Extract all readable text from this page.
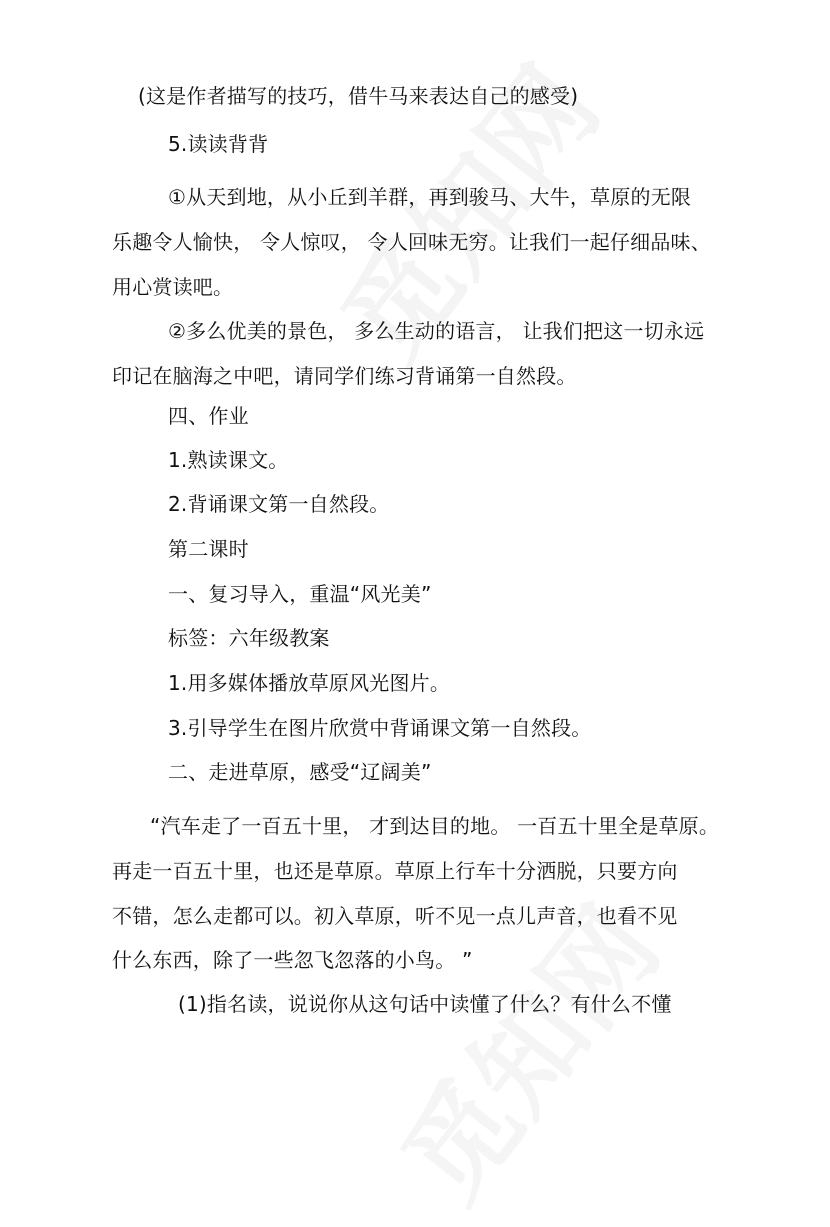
(这是作者描写的技巧，借牛马来表达自己的感受)
5.读读背背
①从天到地，从小丘到羊群，再到骏马、大牛，草原的无限
乐趣令人愉快， 令人惊叹， 令人回味无穷。让我们一起仔细品味、
用心赏读吧。
②多么优美的景色， 多么生动的语言， 让我们把这一切永远
印记在脑海之中吧，请同学们练习背诵第一自然段。
四、作业
1.熟读课文。
2.背诵课文第一自然段。
第二课时
一、复习导入，重温“风光美”
标签：六年级教案
1.用多媒体播放草原风光图片。
3.引导学生在图片欣赏中背诵课文第一自然段。
二、走进草原，感受“辽阔美”
“汽车走了一百五十里， 才到达目的地。 一百五十里全是草原。
再走一百五十里，也还是草原。草原上行车十分洒脱，只要方向
不错，怎么走都可以。初入草原，听不见一点儿声音，也看不见
什么东西，除了一些忽飞忽落的小鸟。 ”
(1)指名读，说说你从这句话中读懂了什么？有什么不懂
